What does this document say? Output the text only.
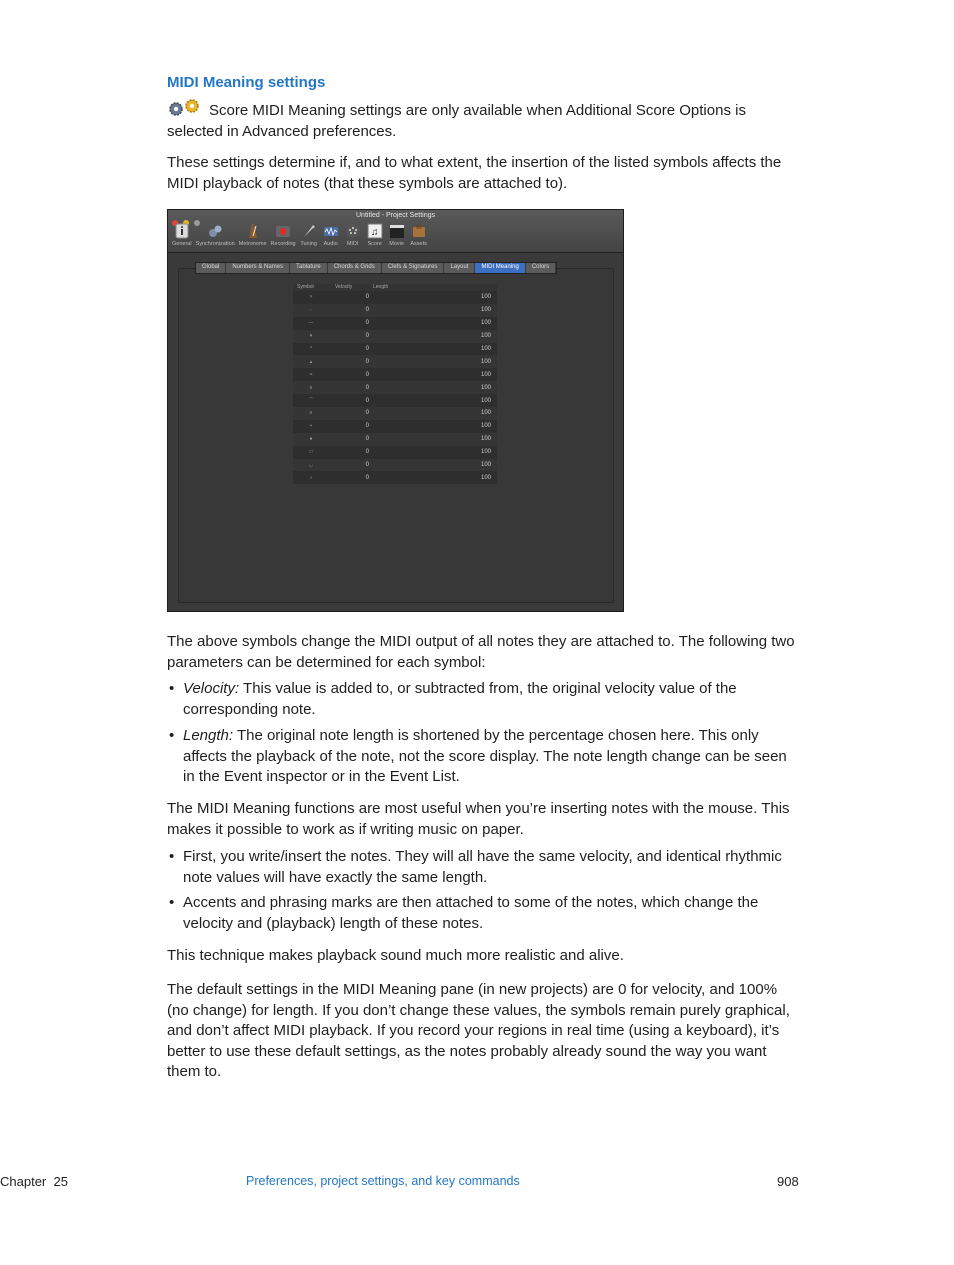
MIDI Meaning settings
Score MIDI Meaning settings are only available when Additional Score Options is selected in Advanced preferences.
These settings determine if, and to what extent, the insertion of the listed symbols affects the MIDI playback of notes (that these symbols are attached to).
Untitled - Project Settings
General Synchronization Metronome Recording Tuning Audio MIDI
♫
Score Movie Assets
Global	Numbers & Names	Tablature	Chords & Grids	Clefs & Signatures	Layout	MIDI Meaning	Colors
Symbol	Velocity	Length
>	0	100
·	0	100
—	0	100
▾	0	100
^	0	100
▴	0	100
=	0	100
∨	0	100
⌒	0	100
≡	0	100
+	0	100
●	0	100
□	0	100
◡	0	100
♪	0	100
The above symbols change the MIDI output of all notes they are attached to. The following two parameters can be determined for each symbol:
• Velocity: This value is added to, or subtracted from, the original velocity value of the corresponding note.
• Length: The original note length is shortened by the percentage chosen here. This only affects the playback of the note, not the score display. The note length change can be seen in the Event inspector or in the Event List.
The MIDI Meaning functions are most useful when you’re inserting notes with the mouse. This makes it possible to work as if writing music on paper.
• First, you write/insert the notes. They will all have the same velocity, and identical rhythmic note values will have exactly the same length.
• Accents and phrasing marks are then attached to some of the notes, which change the velocity and (playback) length of these notes.
This technique makes playback sound much more realistic and alive.
The default settings in the MIDI Meaning pane (in new projects) are 0 for velocity, and 100% (no change) for length. If you don’t change these values, the symbols remain purely graphical, and don’t affect MIDI playback. If you record your regions in real time (using a keyboard), it’s better to use these default settings, as the notes probably already sound the way you want them to.
Chapter  25	Preferences, project settings, and key commands	908
